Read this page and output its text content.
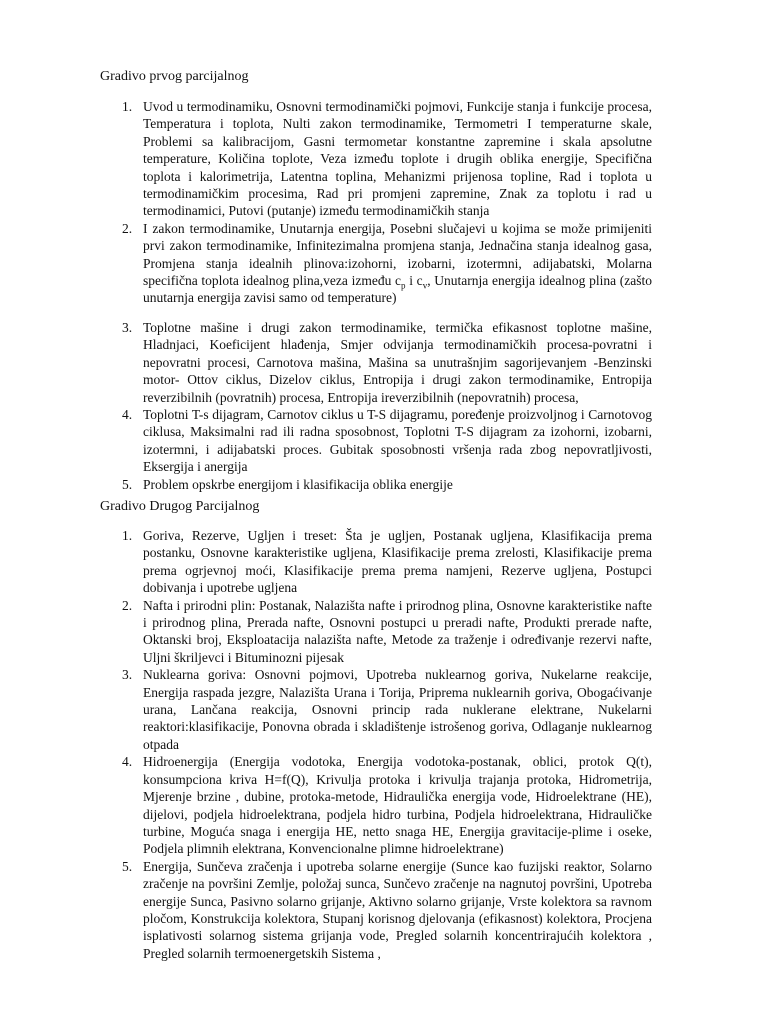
Gradivo prvog parcijalnog
1. Uvod u termodinamiku, Osnovni termodinamički pojmovi, Funkcije stanja i funkcije procesa, Temperatura i toplota, Nulti zakon termodinamike, Termometri I temperaturne skale, Problemi sa kalibracijom, Gasni termometar konstantne zapremine i skala apsolutne temperature, Količina toplote, Veza između toplote i drugih oblika energije, Specifična toplota i kalorimetrija, Latentna toplina, Mehanizmi prijenosa topline, Rad i toplota u termodinamičkim procesima, Rad pri promjeni zapremine, Znak za toplotu i rad u termodinamici, Putovi (putanje) između termodinamičkih stanja
2. I zakon termodinamike, Unutarnja energija, Posebni slučajevi u kojima se može primijeniti prvi zakon termodinamike, Infinitezimalna promjena stanja, Jednačina stanja idealnog gasa, Promjena stanja idealnih plinova:izohorni, izobarni, izotermni, adijabatski, Molarna specifična toplota idealnog plina,veza između $c_p$ i $c_v$, Unutarnja energija idealnog plina (zašto unutarnja energija zavisi samo od temperature)
3. Toplotne mašine i drugi zakon termodinamike, termička efikasnost toplotne mašine, Hladnjaci, Koeficijent hlađenja, Smjer odvijanja termodinamičkih procesa-povratni i nepovratni procesi, Carnotova mašina, Mašina sa unutrašnjim sagorijevanjem -Benzinski motor- Ottov ciklus, Dizelov ciklus, Entropija i drugi zakon termodinamike, Entropija reverzibilnih (povratnih) procesa, Entropija ireverzibilnih (nepovratnih) procesa,
4. Toplotni T-s dijagram, Carnotov ciklus u T-S dijagramu, poređenje proizvoljnog i Carnotovog ciklusa, Maksimalni rad ili radna sposobnost, Toplotni T-S dijagram za izohorni, izobarni, izotermni, i adijabatski proces. Gubitak sposobnosti vršenja rada zbog nepovratljivosti, Eksergija i anergija
5. Problem opskrbe energijom i klasifikacija oblika energije
Gradivo Drugog Parcijalnog
1. Goriva, Rezerve, Ugljen i treset: Šta je ugljen, Postanak uglјena, Klasifikacija prema postanku, Osnovne karakteristike ugljena, Klasifikacije prema zrelosti, Klasifikacije prema prema ogrjevnoj moći, Klasifikacije prema prema namjeni, Rezerve ugljena, Postupci dobivanja i upotrebe ugljena
2. Nafta i prirodni plin: Postanak, Nalazišta nafte i prirodnog plina, Osnovne karakteristike nafte i prirodnog plina, Prerada nafte, Osnovni postupci u preradi nafte, Produkti prerade nafte, Oktanski broj, Eksploatacija nalazišta nafte, Metode za traženje i određivanje rezervi nafte, Uljni škriljevci i Bituminozni pijesak
3. Nuklearna goriva: Osnovni pojmovi, Upotreba nuklearnog goriva, Nukelarne reakcije, Energija raspada jezgre, Nalazišta Urana i Torija, Priprema nuklearnih goriva, Obogaćivanje urana, Lančana reakcija, Osnovni princip rada nuklerane elektrane, Nukelarni reaktori:klasifikacije, Ponovna obrada i skladištenje istrošenog goriva, Odlaganje nuklearnog otpada
4. Hidroenergija (Energija vodotoka, Energija vodotoka-postanak, oblici, protok Q(t), konsumpciona kriva H=f(Q), Krivulja protoka i krivulja trajanja protoka, Hidrometrija, Mjerenje brzine , dubine, protoka-metode, Hidraulička energija vode, Hidroelektrane (HE), dijelovi, podjela hidroelektrana, podjela hidro turbina, Podjela hidroelektrana, Hidrauličke turbine, Moguća snaga i energija HE, netto snaga HE, Energija gravitacije-plime i oseke, Podjela plimnih elektrana, Konvencionalne plimne hidroelektrane)
5. Energija, Sunčeva zračenja i upotreba solarne energije (Sunce kao fuzijski reaktor, Solarno zračenje na površini Zemlje, položaj sunca, Sunčevo zračenje na nagnutoj površini, Upotreba energije Sunca, Pasivno solarno grijanje, Aktivno solarno grijanje, Vrste kolektora sa ravnom pločom, Konstrukcija kolektora, Stupanj korisnog djelovanja (efikasnost) kolektora, Procjena isplativosti solarnog sistema grijanja vode, Pregled solarnih koncentrirajućih kolektora , Pregled solarnih termoenergetskih Sistema ,
